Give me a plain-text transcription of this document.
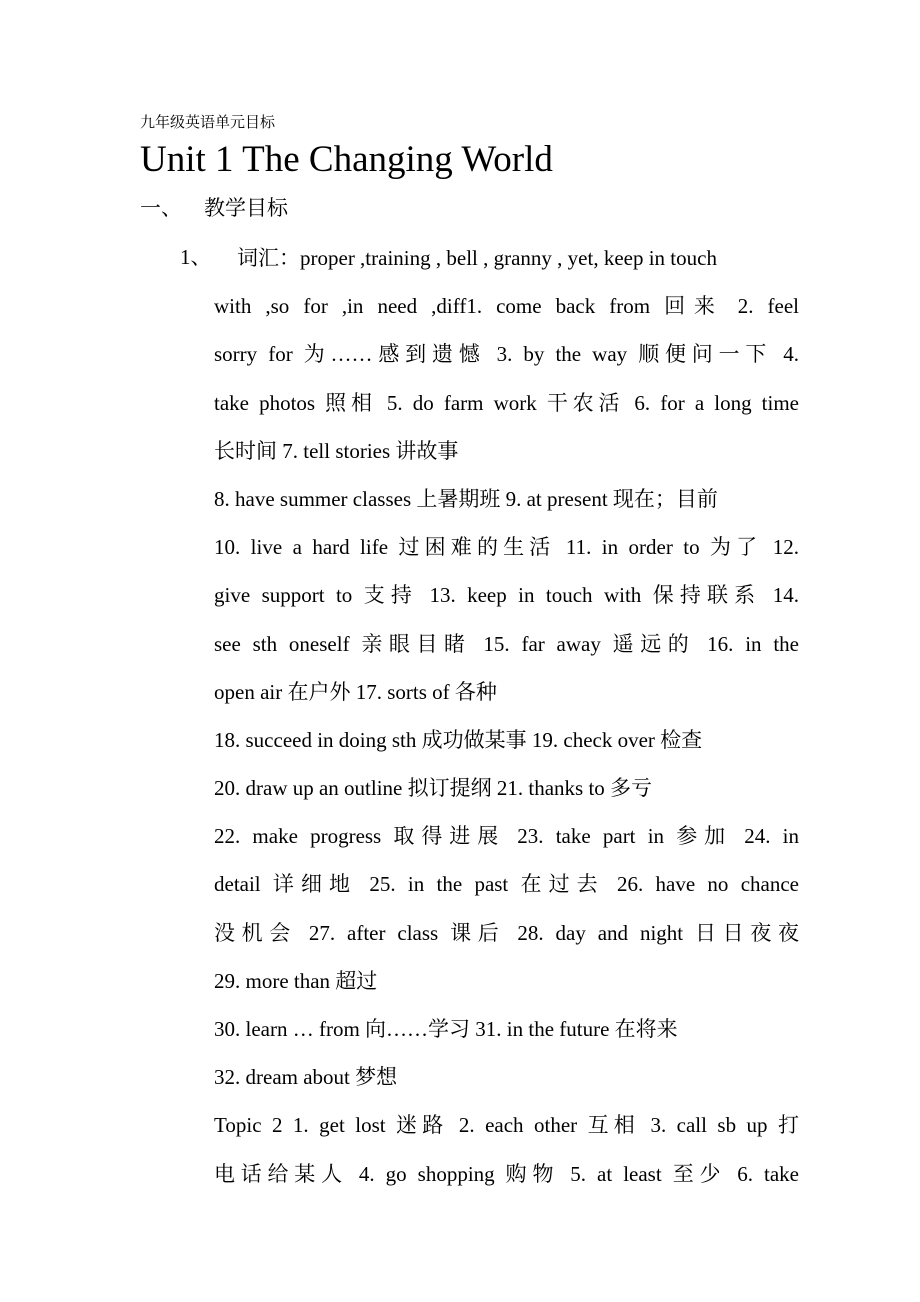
九年级英语单元目标
Unit 1 The Changing World
一、 教学目标
1、	词汇：proper ,training , bell , granny , yet, keep in touch
with ,so for ,in need ,diff1. come back from 回来 2. feel
sorry for 为……感到遗憾 3. by the way 顺便问一下 4.
take photos 照相 5. do farm work 干农活 6. for a long time
长时间 7. tell stories 讲故事
8. have summer classes 上暑期班 9. at present 现在；目前
10. live a hard life 过困难的生活 11. in order to 为了 12.
give support to 支持 13. keep in touch with 保持联系 14.
see sth oneself 亲眼目睹 15. far away 遥远的 16. in the
open air 在户外 17. sorts of 各种
18. succeed in doing sth 成功做某事 19. check over 检查
20. draw up an outline 拟订提纲 21. thanks to 多亏
22. make progress 取得进展 23. take part in 参加 24. in
detail 详细地 25. in the past 在过去 26. have no chance
没机会 27. after class 课后 28. day and night 日日夜夜
29. more than 超过
30. learn … from 向……学习 31. in the future 在将来
32. dream about 梦想
Topic 2 1. get lost 迷路 2. each other 互相 3. call sb up 打
电话给某人 4. go shopping 购物 5. at least 至少 6. take
